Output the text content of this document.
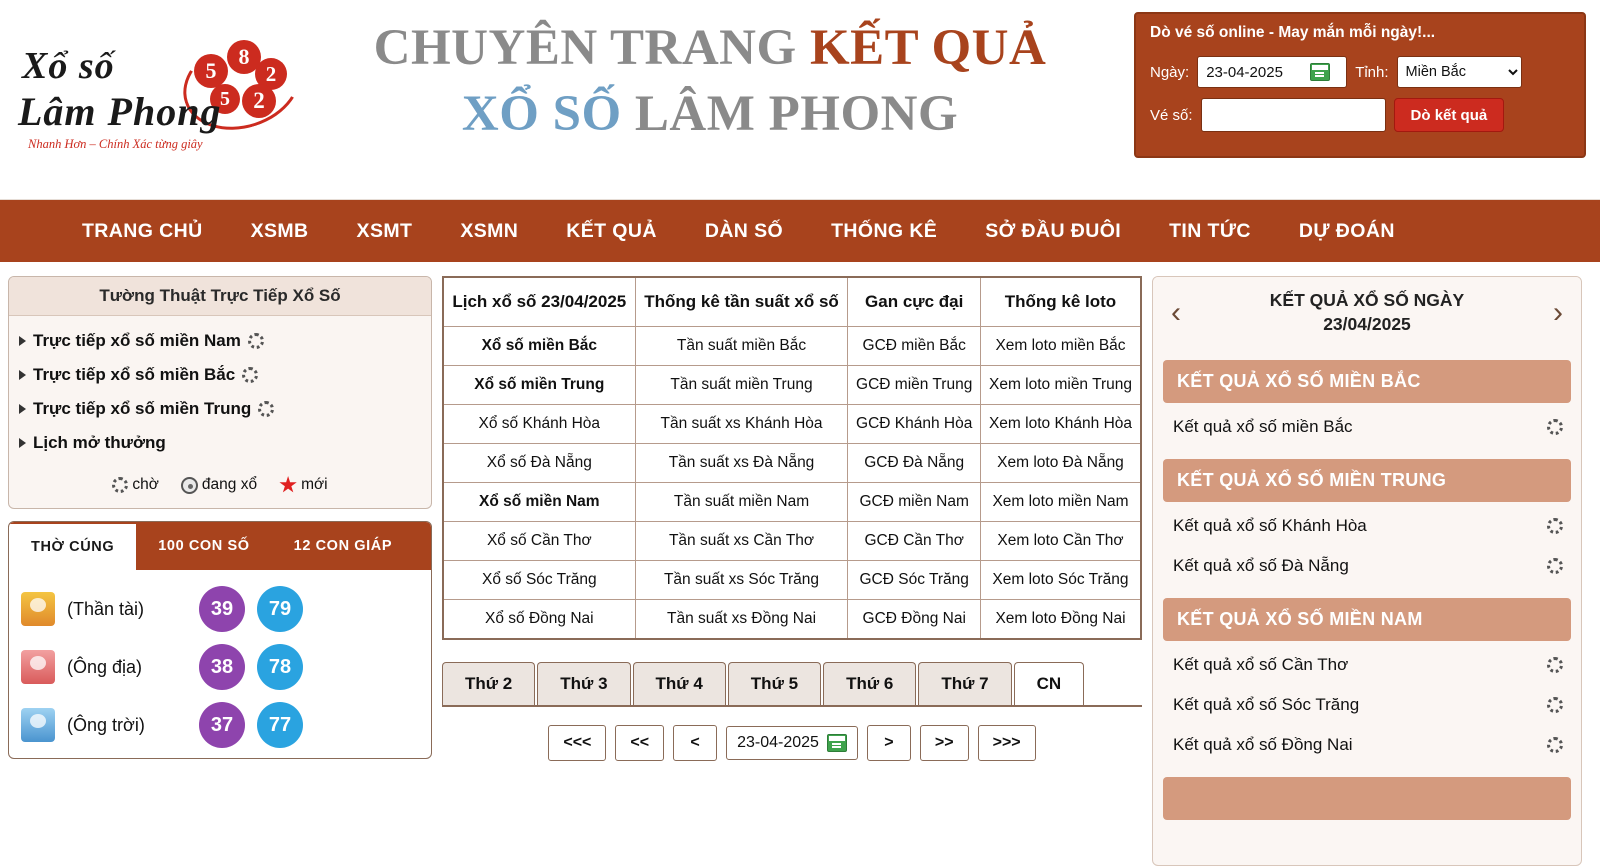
8
5	2
5	2
Xổ số
Lâm Phong
Nhanh Hơn – Chính Xác từng giây
CHUYÊN TRANG KẾT QUẢ
XỔ SỐ LÂM PHONG
Dò vé số online - May mắn mỗi ngày!...
Ngày:
23-04-2025	Tỉnh:
Miền Bắc
Vé số:	Dò kết quả
TRANG CHỦ	XSMB	XSMT	XSMN	KẾT QUẢ	DÀN SỐ	THỐNG KÊ	SỞ ĐẦU ĐUÔI	TIN TỨC	DỰ ĐOÁN
Tường Thuật Trực Tiếp Xổ Số
Trực tiếp xổ số miền Nam
Trực tiếp xổ số miền Bắc
Trực tiếp xổ số miền Trung
Lịch mở thưởng
chờ	đang xổ	mới
THỜ CÚNG	100 CON SỐ	12 CON GIÁP
(Thần tài)	39	79
(Ông địa)	38	78
(Ông trời)	37	77
Lịch xổ số 23/04/2025	Thống kê tần suất xổ số	Gan cực đại	Thống kê loto
Xổ số miền Bắc	Tần suất miền Bắc	GCĐ miền Bắc	Xem loto miền Bắc
Xổ số miền Trung	Tần suất miền Trung	GCĐ miền Trung	Xem loto miền Trung
Xổ số Khánh Hòa	Tần suất xs Khánh Hòa	GCĐ Khánh Hòa	Xem loto Khánh Hòa
Xổ số Đà Nẵng	Tần suất xs Đà Nẵng	GCĐ Đà Nẵng	Xem loto Đà Nẵng
Xổ số miền Nam	Tần suất miền Nam	GCĐ miền Nam	Xem loto miền Nam
Xổ số Cần Thơ	Tần suất xs Cần Thơ	GCĐ Cần Thơ	Xem loto Cần Thơ
Xổ số Sóc Trăng	Tần suất xs Sóc Trăng	GCĐ Sóc Trăng	Xem loto Sóc Trăng
Xổ số Đồng Nai	Tần suất xs Đồng Nai	GCĐ Đồng Nai	Xem loto Đồng Nai
Thứ 2	Thứ 3	Thứ 4	Thứ 5	Thứ 6	Thứ 7	CN
<<<	<<	<	23-04-2025	>	>>	>>>
‹	KẾT QUẢ XỔ SỐ NGÀY
23/04/2025	›
KẾT QUẢ XỔ SỐ MIỀN BẮC
Kết quả xổ số miền Bắc
KẾT QUẢ XỔ SỐ MIỀN TRUNG
Kết quả xổ số Khánh Hòa
Kết quả xổ số Đà Nẵng
KẾT QUẢ XỔ SỐ MIỀN NAM
Kết quả xổ số Cần Thơ
Kết quả xổ số Sóc Trăng
Kết quả xổ số Đồng Nai
